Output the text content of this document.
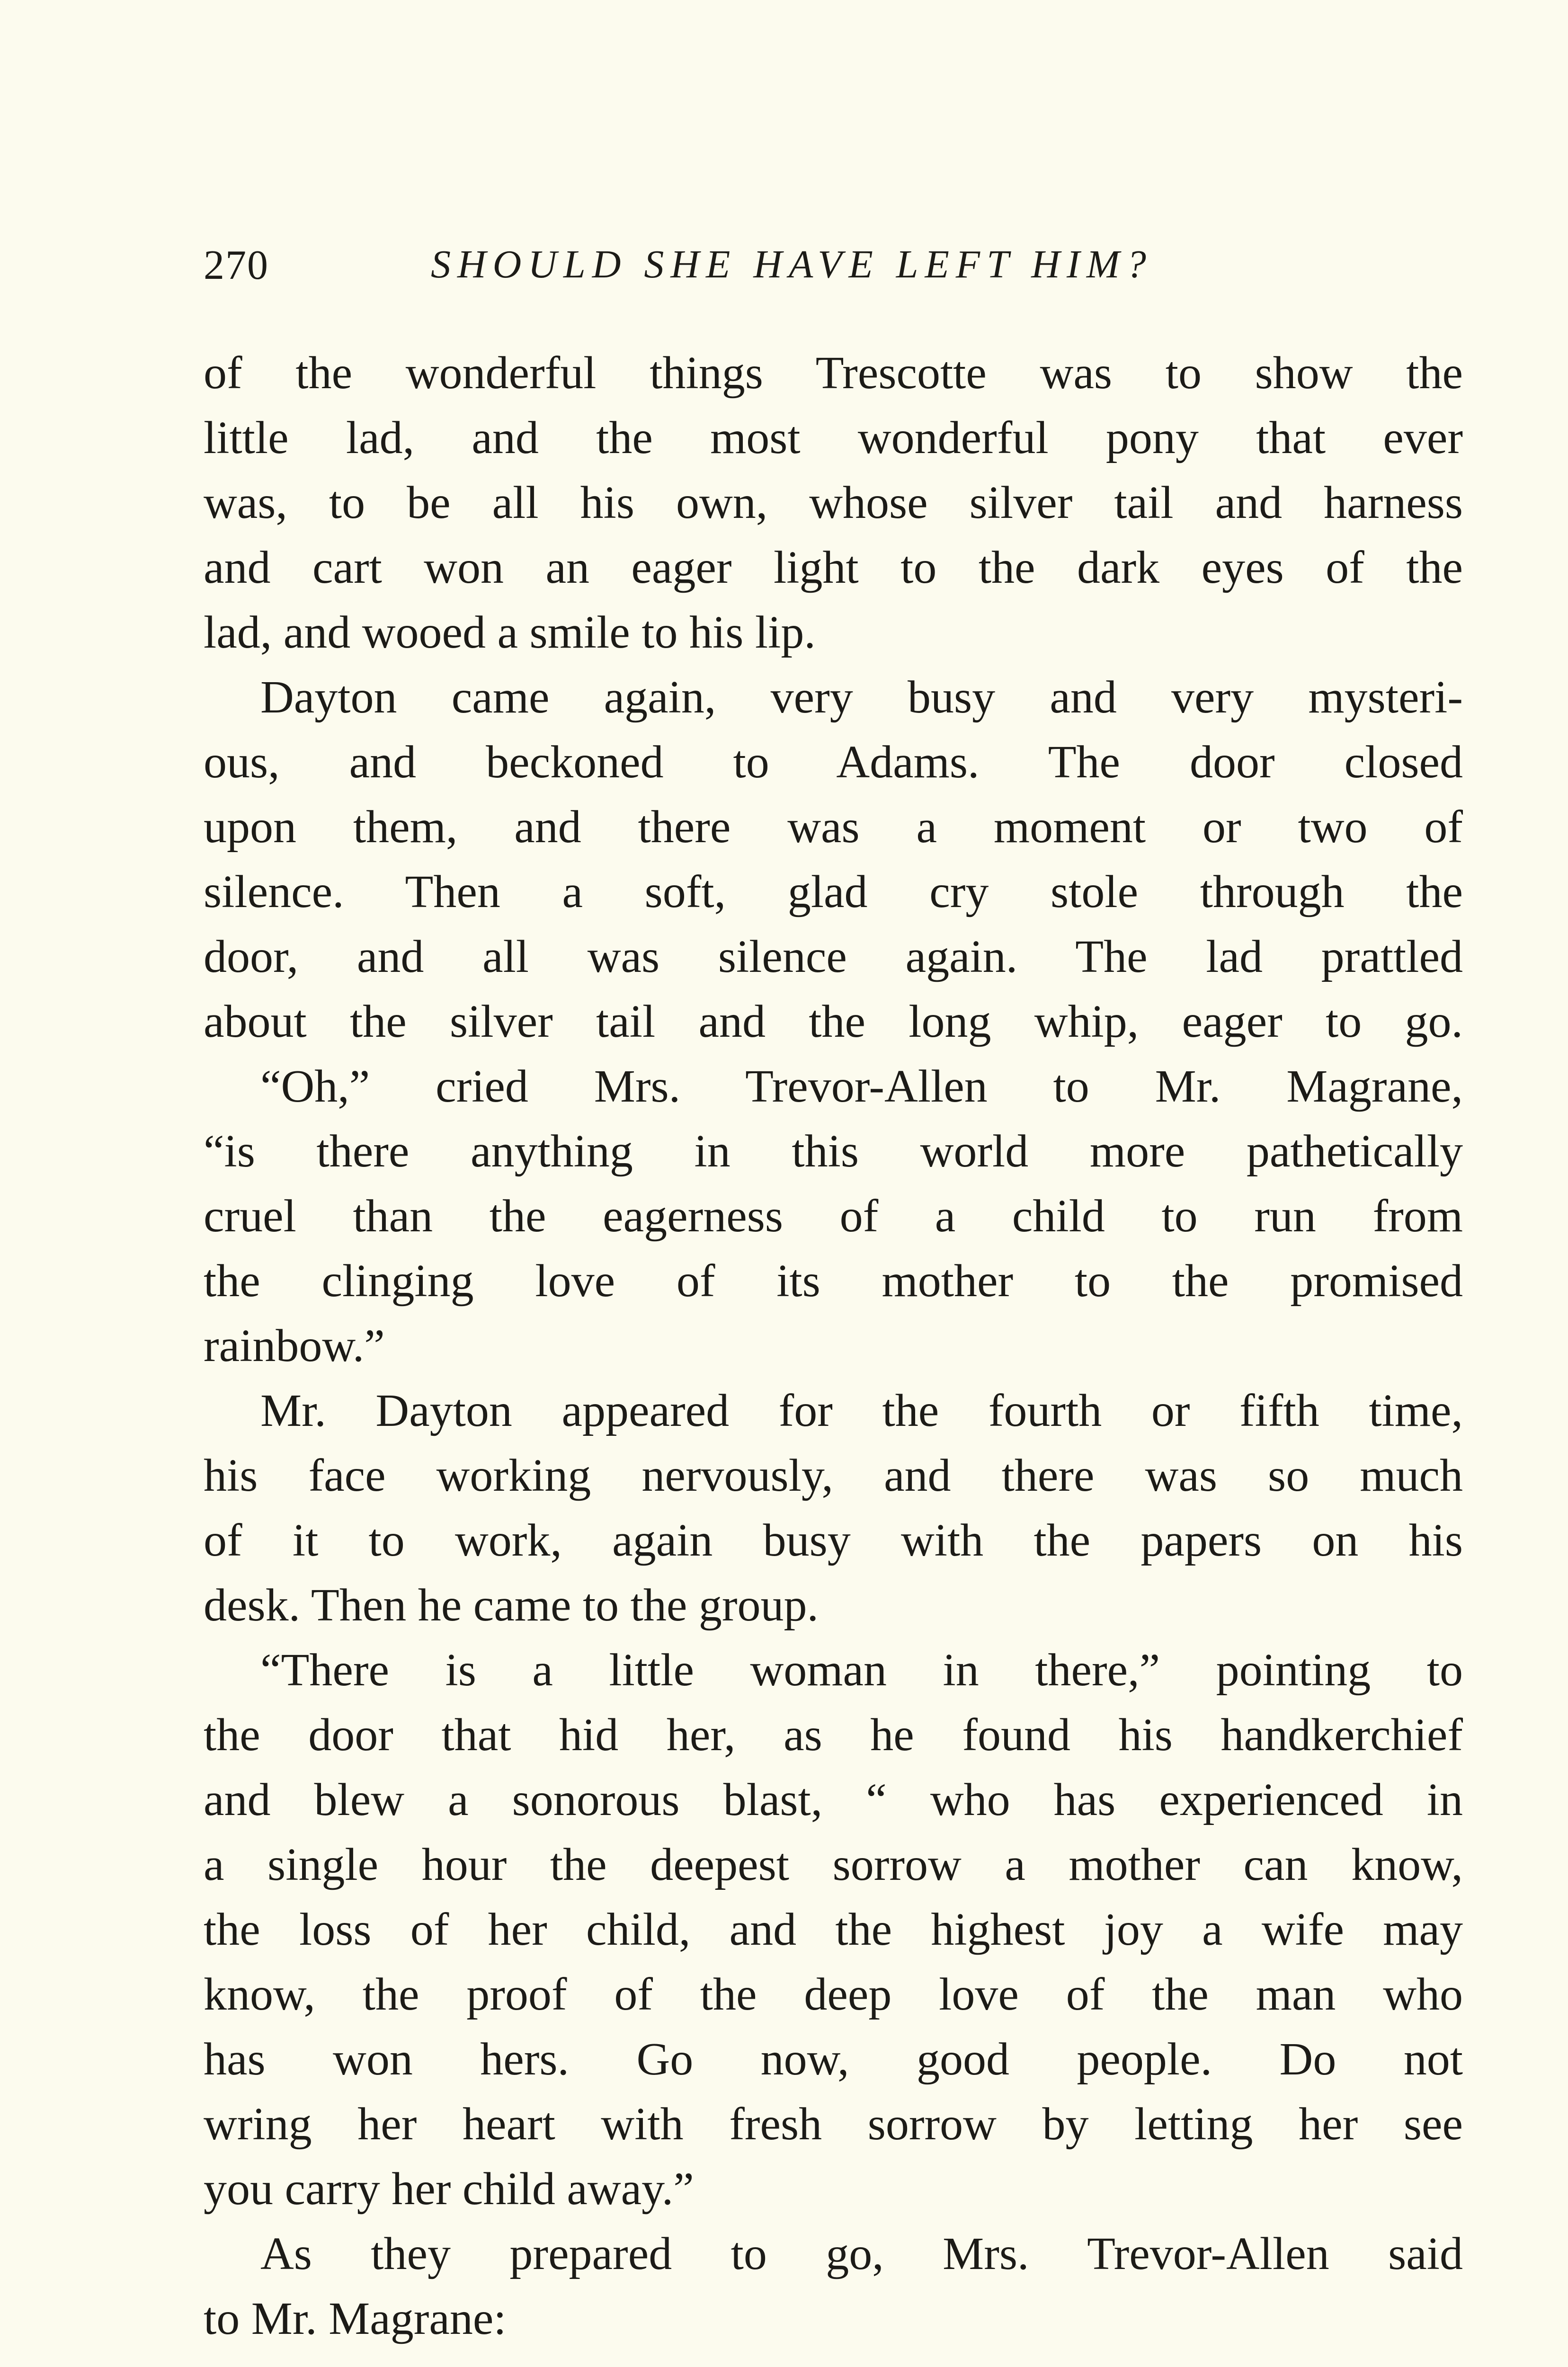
270	SHOULD SHE HAVE LEFT HIM?
of the wonderful things Trescotte was to show the
little lad, and the most wonderful pony that ever
was, to be all his own, whose silver tail and harness
and cart won an eager light to the dark eyes of the
lad, and wooed a smile to his lip.
Dayton came again, very busy and very mysteri-
ous, and beckoned to Adams. The door closed
upon them, and there was a moment or two of
silence. Then a soft, glad cry stole through the
door, and all was silence again. The lad prattled
about the silver tail and the long whip, eager to go.
“Oh,” cried Mrs. Trevor-Allen to Mr. Magrane,
“is there anything in this world more pathetically
cruel than the eagerness of a child to run from
the clinging love of its mother to the promised
rainbow.”
Mr. Dayton appeared for the fourth or fifth time,
his face working nervously, and there was so much
of it to work, again busy with the papers on his
desk. Then he came to the group.
“There is a little woman in there,” pointing to
the door that hid her, as he found his handkerchief
and blew a sonorous blast, “ who has experienced in
a single hour the deepest sorrow a mother can know,
the loss of her child, and the highest joy a wife may
know, the proof of the deep love of the man who
has won hers. Go now, good people. Do not
wring her heart with fresh sorrow by letting her see
you carry her child away.”
As they prepared to go, Mrs. Trevor-Allen said
to Mr. Magrane:
